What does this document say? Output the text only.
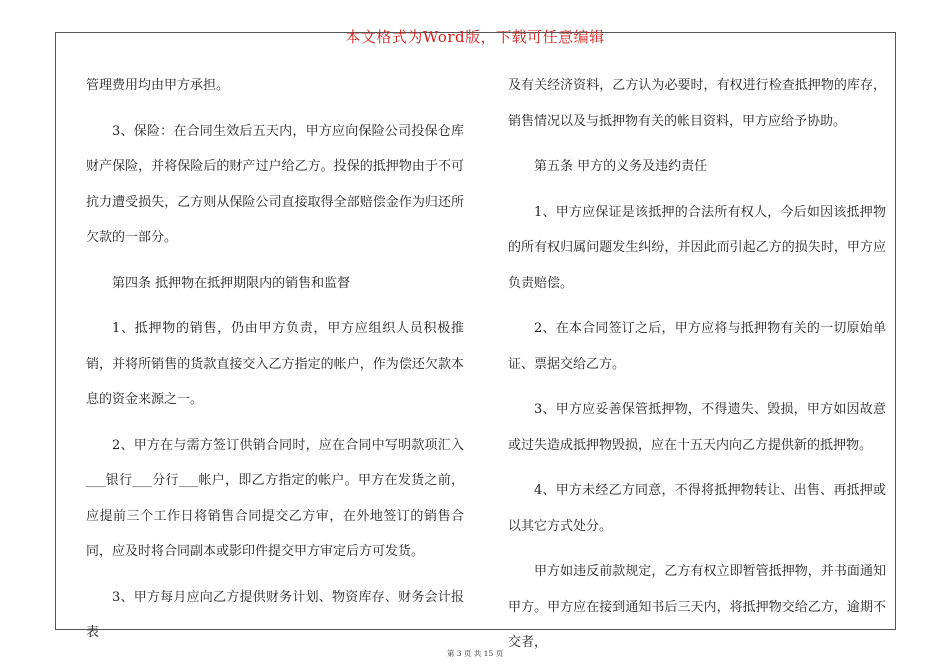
本文格式为Word版，下载可任意编辑

管理费用均由甲方承担。

3、保险：在合同生效后五天内，甲方应向保险公司投保仓库财产保险，并将保险后的财产过户给乙方。投保的抵押物由于不可抗力遭受损失，乙方则从保险公司直接取得全部赔偿金作为归还所欠款的一部分。

第四条 抵押物在抵押期限内的销售和监督

1、抵押物的销售，仍由甲方负责，甲方应组织人员积极推销，并将所销售的货款直接交入乙方指定的帐户，作为偿还欠款本息的资金来源之一。

2、甲方在与需方签订供销合同时，应在合同中写明款项汇入___银行___分行___帐户，即乙方指定的帐户。甲方在发货之前，应提前三个工作日将销售合同提交乙方审，在外地签订的销售合同，应及时将合同副本或影印件提交甲方审定后方可发货。

3、甲方每月应向乙方提供财务计划、物资库存、财务会计报表

及有关经济资料，乙方认为必要时，有权进行检查抵押物的库存，销售情况以及与抵押物有关的帐目资料，甲方应给予协助。

第五条 甲方的义务及违约责任

1、甲方应保证是该抵押的合法所有权人，今后如因该抵押物的所有权归属问题发生纠纷，并因此而引起乙方的损失时，甲方应负责赔偿。

2、在本合同签订之后，甲方应将与抵押物有关的一切原始单证、票据交给乙方。

3、甲方应妥善保管抵押物，不得遗失、毁损，甲方如因故意或过失造成抵押物毁损，应在十五天内向乙方提供新的抵押物。

4、甲方未经乙方同意，不得将抵押物转让、出售、再抵押或以其它方式处分。

甲方如违反前款规定，乙方有权立即暂管抵押物，并书面通知甲方。甲方应在接到通知书后三天内，将抵押物交给乙方，逾期不交者，

第 3 页 共 15 页
